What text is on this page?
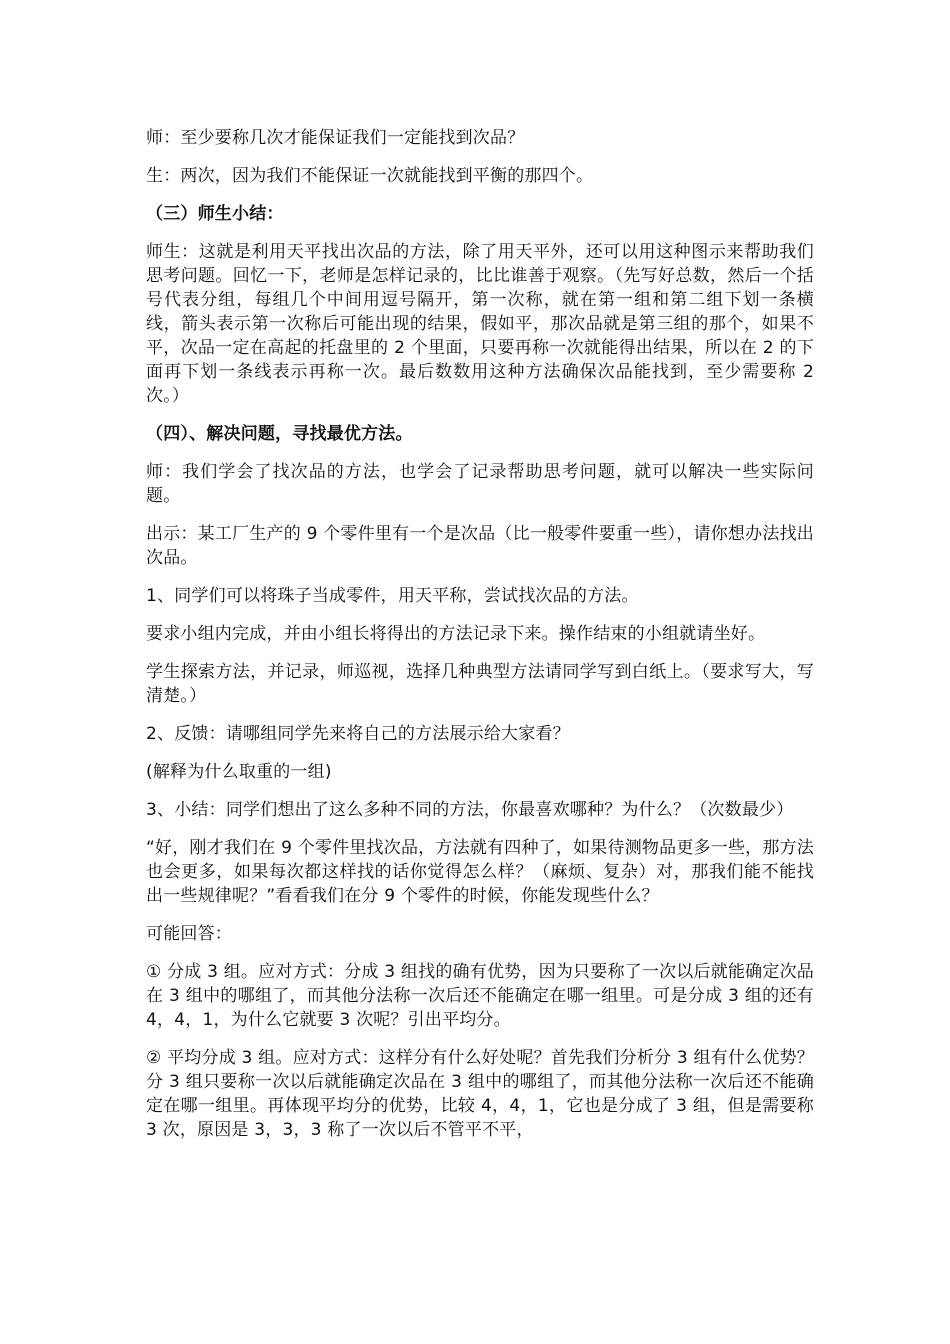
师：至少要称几次才能保证我们一定能找到次品？

生：两次，因为我们不能保证一次就能找到平衡的那四个。

（三）师生小结：

师生：这就是利用天平找出次品的方法，除了用天平外，还可以用这种图示来帮助我们思考问题。回忆一下，老师是怎样记录的，比比谁善于观察。（先写好总数，然后一个括号代表分组，每组几个中间用逗号隔开，第一次称，就在第一组和第二组下划一条横线，箭头表示第一次称后可能出现的结果，假如平，那次品就是第三组的那个，如果不平，次品一定在高起的托盘里的 2 个里面，只要再称一次就能得出结果，所以在 2 的下面再下划一条线表示再称一次。最后数数用这种方法确保次品能找到，至少需要称 2 次。）

（四）、解决问题，寻找最优方法。

师：我们学会了找次品的方法，也学会了记录帮助思考问题，就可以解决一些实际问题。

出示：某工厂生产的 9 个零件里有一个是次品（比一般零件要重一些），请你想办法找出次品。

1、同学们可以将珠子当成零件，用天平称，尝试找次品的方法。

要求小组内完成，并由小组长将得出的方法记录下来。操作结束的小组就请坐好。

学生探索方法，并记录，师巡视，选择几种典型方法请同学写到白纸上。（要求写大，写清楚。）

2、反馈：请哪组同学先来将自己的方法展示给大家看？

(解释为什么取重的一组)

3、小结：同学们想出了这么多种不同的方法，你最喜欢哪种？为什么？（次数最少）

“好，刚才我们在 9 个零件里找次品，方法就有四种了，如果待测物品更多一些，那方法也会更多，如果每次都这样找的话你觉得怎么样？（麻烦、复杂）对，那我们能不能找出一些规律呢？”看看我们在分 9 个零件的时候，你能发现些什么？

可能回答：

① 分成 3 组。应对方式：分成 3 组找的确有优势，因为只要称了一次以后就能确定次品在 3 组中的哪组了，而其他分法称一次后还不能确定在哪一组里。可是分成 3 组的还有 4，4，1，为什么它就要 3 次呢？引出平均分。

② 平均分成 3 组。应对方式：这样分有什么好处呢？首先我们分析分 3 组有什么优势？分 3 组只要称一次以后就能确定次品在 3 组中的哪组了，而其他分法称一次后还不能确定在哪一组里。再体现平均分的优势，比较 4，4，1，它也是分成了 3 组，但是需要称 3 次，原因是 3，3，3 称了一次以后不管平不平，
